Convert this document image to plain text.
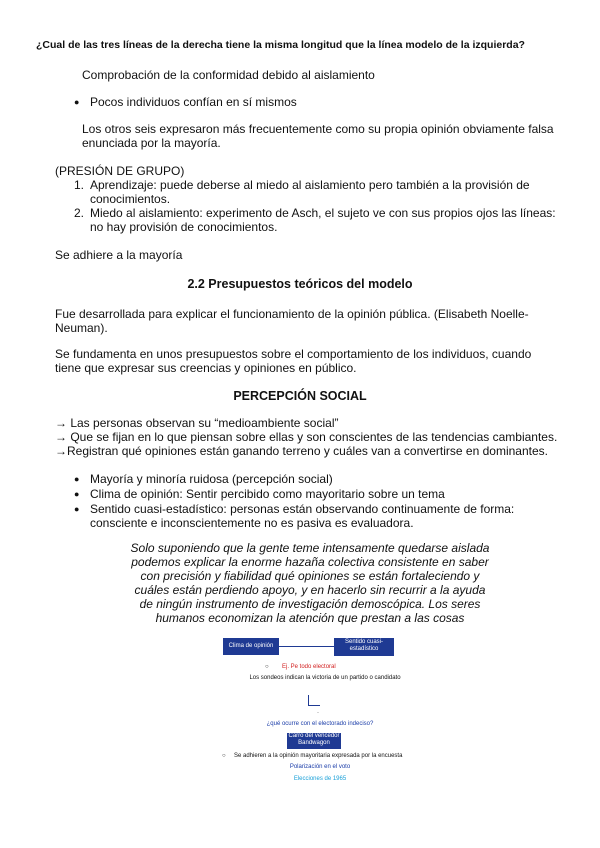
¿Cual de las tres líneas de la derecha tiene la misma longitud que la línea modelo de la izquierda?
Comprobación de la conformidad debido al aislamiento
● Pocos individuos confían en sí mismos
Los otros seis expresaron más frecuentemente como su propia opinión obviamente falsa enunciada por la mayoría.
(PRESIÓN DE GRUPO)
1. Aprendizaje: puede deberse al miedo al aislamiento pero también a la provisión de conocimientos.
2. Miedo al aislamiento: experimento de Asch, el sujeto ve con sus propios ojos las líneas: no hay provisión de conocimientos.
Se adhiere a la mayoría
2.2 Presupuestos teóricos del modelo
Fue desarrollada para explicar el funcionamiento de la opinión pública. (Elisabeth Noelle-Neuman).
Se fundamenta en unos presupuestos sobre el comportamiento de los individuos, cuando tiene que expresar sus creencias y opiniones en público.
PERCEPCIÓN SOCIAL
→ Las personas observan su “medioambiente social”
→ Que se fijan en lo que piensan sobre ellas y son conscientes de las tendencias cambiantes.
→Registran qué opiniones están ganando terreno y cuáles van a convertirse en dominantes.
● Mayoría y minoría ruidosa (percepción social)
● Clima de opinión: Sentir percibido como mayoritario sobre un tema
● Sentido cuasi-estadístico: personas están observando continuamente de forma: consciente e inconscientemente no es pasiva es evaluadora.
Solo suponiendo que la gente teme intensamente quedarse aislada podemos explicar la enorme hazaña colectiva consistente en saber con precisión y fiabilidad qué opiniones se están fortaleciendo y cuáles están perdiendo apoyo, y en hacerlo sin recurrir a la ayuda de ningún instrumento de investigación demoscópica. Los seres humanos economizan la atención que prestan a las cosas
Clima de opinión
Sentido cuasi-estadístico
○ Ej. Pe todo electoral
Los sondeos indican la victoria de un partido o candidato
·
¿qué ocurre con el electorado indeciso?
Carro del vencedor Bandwagon
○ Se adhieren a la opinión mayoritaria expresada por la encuesta
Polarización en el voto
Elecciones de 1965
